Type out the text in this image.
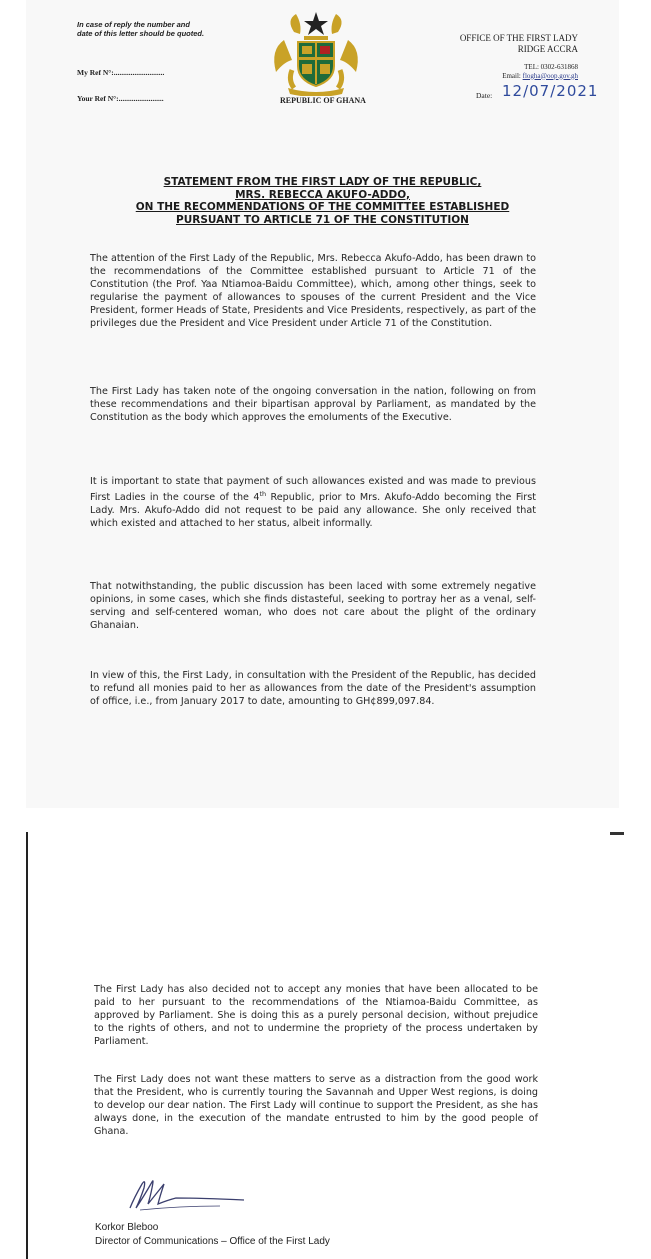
In case of reply the number and date of this letter should be quoted.
My Ref N°:...........................
Your Ref N°:........................	REPUBLIC OF GHANA
OFFICE OF THE FIRST LADY
RIDGE ACCRA
TEL: 0302-631868
Email: flogha@oop.gov.gh
Date: 12/07/2021
STATEMENT FROM THE FIRST LADY OF THE REPUBLIC,
MRS. REBECCA AKUFO-ADDO,
ON THE RECOMMENDATIONS OF THE COMMITTEE ESTABLISHED
PURSUANT TO ARTICLE 71 OF THE CONSTITUTION
The attention of the First Lady of the Republic, Mrs. Rebecca Akufo-Addo, has been drawn to the recommendations of the Committee established pursuant to Article 71 of the Constitution (the Prof. Yaa Ntiamoa-Baidu Committee), which, among other things, seek to regularise the payment of allowances to spouses of the current President and the Vice President, former Heads of State, Presidents and Vice Presidents, respectively, as part of the privileges due the President and Vice President under Article 71 of the Constitution.
The First Lady has taken note of the ongoing conversation in the nation, following on from these recommendations and their bipartisan approval by Parliament, as mandated by the Constitution as the body which approves the emoluments of the Executive.
It is important to state that payment of such allowances existed and was made to previous First Ladies in the course of the 4th Republic, prior to Mrs. Akufo-Addo becoming the First Lady. Mrs. Akufo-Addo did not request to be paid any allowance. She only received that which existed and attached to her status, albeit informally.
That notwithstanding, the public discussion has been laced with some extremely negative opinions, in some cases, which she finds distasteful, seeking to portray her as a venal, self-serving and self-centered woman, who does not care about the plight of the ordinary Ghanaian.
In view of this, the First Lady, in consultation with the President of the Republic, has decided to refund all monies paid to her as allowances from the date of the President's assumption of office, i.e., from January 2017 to date, amounting to GH¢899,097.84.
The First Lady has also decided not to accept any monies that have been allocated to be paid to her pursuant to the recommendations of the Ntiamoa-Baidu Committee, as approved by Parliament. She is doing this as a purely personal decision, without prejudice to the rights of others, and not to undermine the propriety of the process undertaken by Parliament.
The First Lady does not want these matters to serve as a distraction from the good work that the President, who is currently touring the Savannah and Upper West regions, is doing to develop our dear nation. The First Lady will continue to support the President, as she has always done, in the execution of the mandate entrusted to him by the good people of Ghana.
Korkor Bleboo
Director of Communications – Office of the First Lady
